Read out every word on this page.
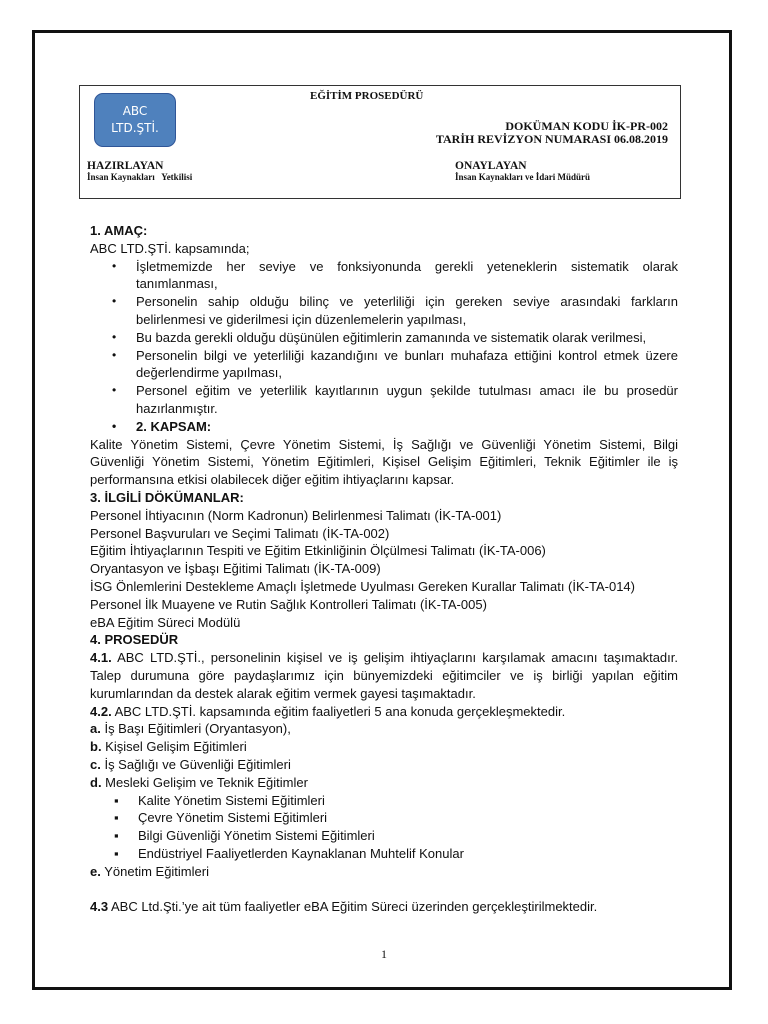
ABC
LTD.ŞTİ.
EĞİTİM PROSEDÜRÜ
DOKÜMAN KODU İK-PR-002
TARİH REVİZYON NUMARASI 06.08.2019
HAZIRLAYAN
İnsan Kaynakları   Yetkilisi
ONAYLAYAN
İnsan Kaynakları ve İdari Müdürü

1. AMAÇ:

ABC LTD.ŞTİ. kapsamında;

• İşletmemizde her seviye ve fonksiyonunda gerekli yeteneklerin sistematik olarak tanımlanması,
• Personelin sahip olduğu bilinç ve yeterliliği için gereken seviye arasındaki farkların belirlenmesi ve giderilmesi için düzenlemelerin yapılması,
• Bu bazda gerekli olduğu düşünülen eğitimlerin zamanında ve sistematik olarak verilmesi,
• Personelin bilgi ve yeterliliği kazandığını ve bunları muhafaza ettiğini kontrol etmek üzere değerlendirme yapılması,
• Personel eğitim ve yeterlilik kayıtlarının uygun şekilde tutulması amacı ile bu prosedür hazırlanmıştır.
• 2. KAPSAM:

Kalite Yönetim Sistemi, Çevre Yönetim Sistemi, İş Sağlığı ve Güvenliği Yönetim Sistemi, Bilgi Güvenliği Yönetim Sistemi, Yönetim Eğitimleri, Kişisel Gelişim Eğitimleri, Teknik Eğitimler ile iş performansına etkisi olabilecek diğer eğitim ihtiyaçlarını kapsar.

3. İLGİLİ DÖKÜMANLAR:

Personel İhtiyacının (Norm Kadronun) Belirlenmesi Talimatı (İK-TA-001)

Personel Başvuruları ve Seçimi Talimatı (İK-TA-002)

Eğitim İhtiyaçlarının Tespiti ve Eğitim Etkinliğinin Ölçülmesi Talimatı (İK-TA-006)

Oryantasyon ve İşbaşı Eğitimi Talimatı (İK-TA-009)

İSG Önlemlerini Destekleme Amaçlı İşletmede Uyulması Gereken Kurallar Talimatı (İK-TA-014)

Personel İlk Muayene ve Rutin Sağlık Kontrolleri Talimatı (İK-TA-005)

eBA Eğitim Süreci Modülü

4. PROSEDÜR

4.1. ABC LTD.ŞTİ., personelinin kişisel ve iş gelişim ihtiyaçlarını karşılamak amacını taşımaktadır. Talep durumuna göre paydaşlarımız için bünyemizdeki eğitimciler ve iş birliği yapılan eğitim kurumlarından da destek alarak eğitim vermek gayesi taşımaktadır.

4.2. ABC LTD.ŞTİ. kapsamında eğitim faaliyetleri 5 ana konuda gerçekleşmektedir.

a. İş Başı Eğitimleri (Oryantasyon),

b. Kişisel Gelişim Eğitimleri

c. İş Sağlığı ve Güvenliği Eğitimleri

d. Mesleki Gelişim ve Teknik Eğitimler

▪ Kalite Yönetim Sistemi Eğitimleri
▪ Çevre Yönetim Sistemi Eğitimleri
▪ Bilgi Güvenliği Yönetim Sistemi Eğitimleri
▪ Endüstriyel Faaliyetlerden Kaynaklanan Muhtelif Konular

e. Yönetim Eğitimleri

4.3 ABC Ltd.Şti.’ye ait tüm faaliyetler eBA Eğitim Süreci üzerinden gerçekleştirilmektedir.

1
